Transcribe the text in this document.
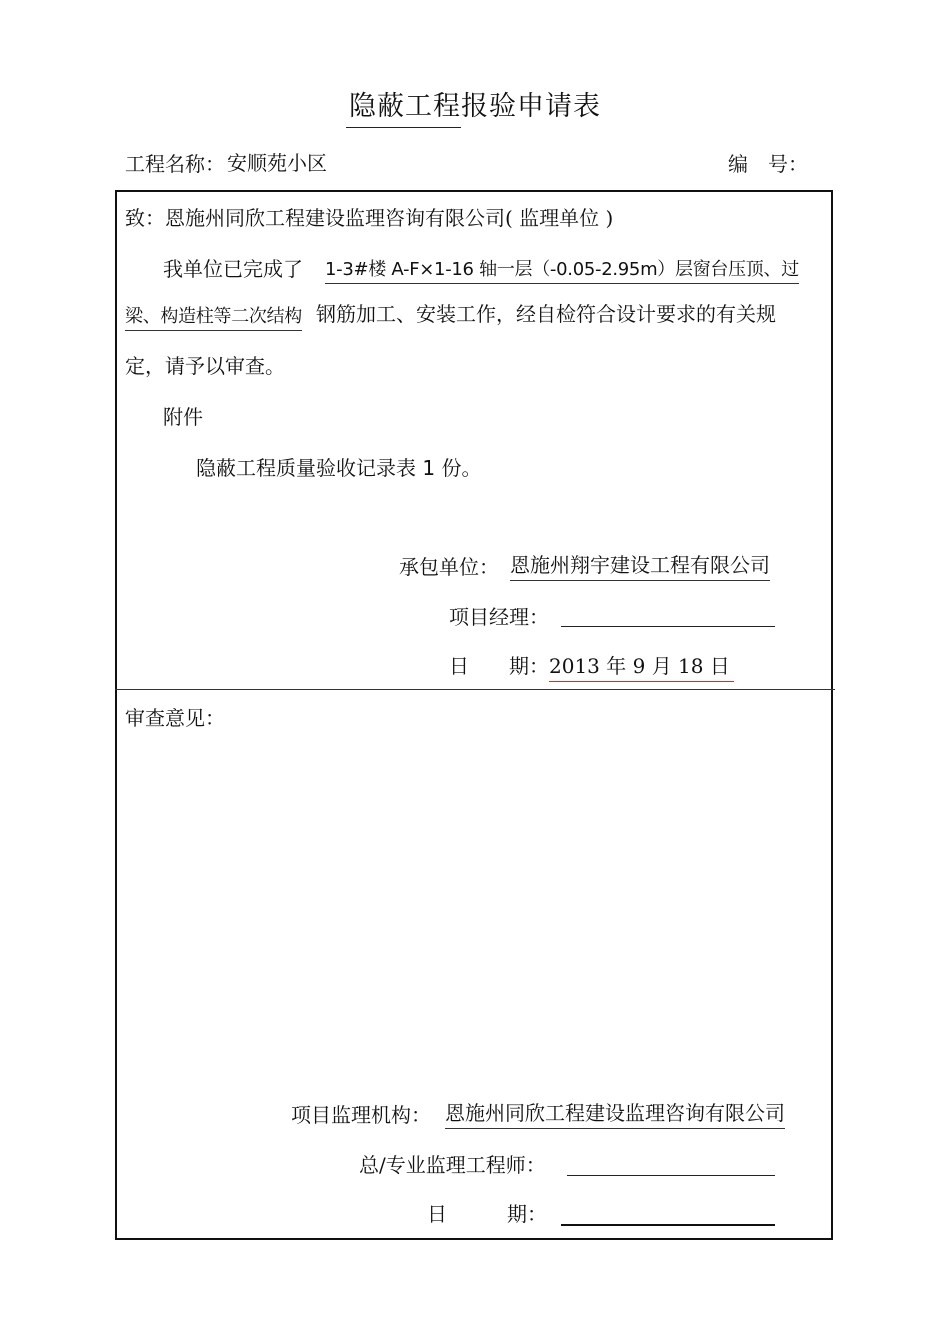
隐蔽工程报验申请表
工程名称： 安顺苑小区	编　号：
致：恩施州同欣工程建设监理咨询有限公司( 监理单位 )
我单位已完成了 1-3#楼 A-F×1-16 轴一层（-0.05-2.95m）层窗台压顶、过
梁、构造柱等二次结构 钢筋加工、安装工作，经自检符合设计要求的有关规
定，请予以审查。
附件
隐蔽工程质量验收记录表 1 份。
承包单位： 恩施州翔宇建设工程有限公司
项目经理：
日　　期： 2013 年 9 月 18 日
审查意见：
项目监理机构： 恩施州同欣工程建设监理咨询有限公司
总/专业监理工程师：
日　　　期：
